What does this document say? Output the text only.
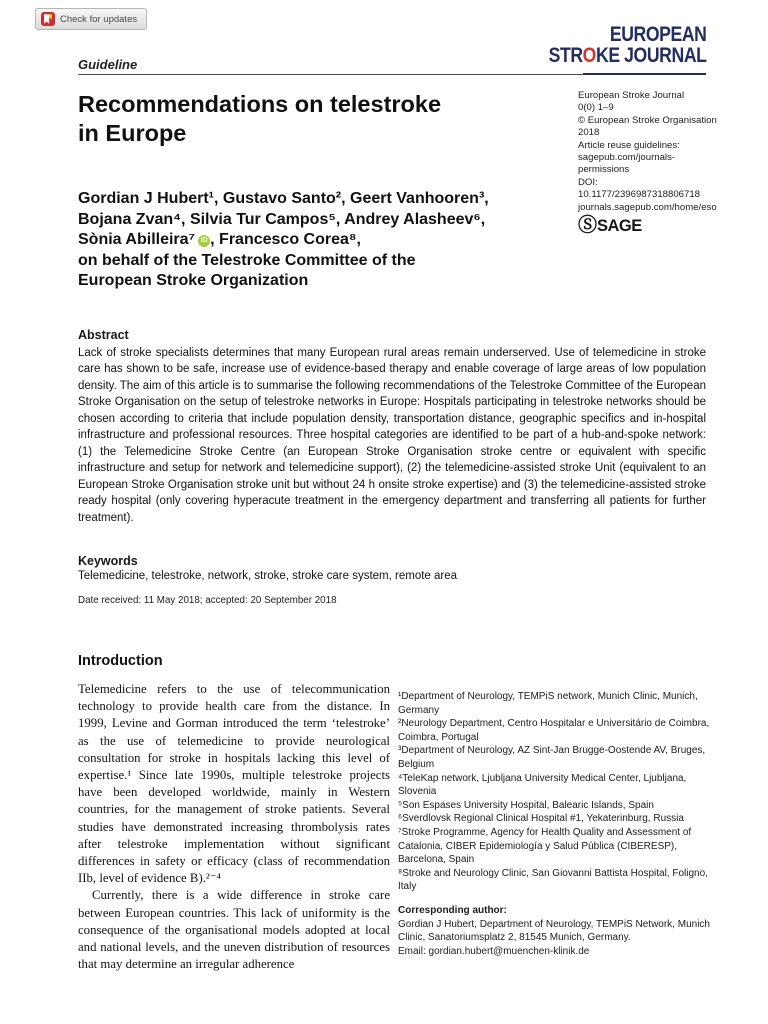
Check for updates
Guideline
EUROPEAN
STROKE JOURNAL
Recommendations on telestroke
in Europe
European Stroke Journal
0(0) 1–9
© European Stroke Organisation
2018
Article reuse guidelines:
sagepub.com/journals-permissions
DOI: 10.1177/2396987318806718
journals.sagepub.com/home/eso
Ⓢ SAGE
Gordian J Hubert¹, Gustavo Santo², Geert Vanhooren³,
Bojana Zvan⁴, Silvia Tur Campos⁵, Andrey Alasheev⁶,
Sònia Abilleira⁷ iD , Francesco Corea⁸,
on behalf of the Telestroke Committee of the
European Stroke Organization
Abstract
Lack of stroke specialists determines that many European rural areas remain underserved. Use of telemedicine in stroke care has shown to be safe, increase use of evidence-based therapy and enable coverage of large areas of low population density. The aim of this article is to summarise the following recommendations of the Telestroke Committee of the European Stroke Organisation on the setup of telestroke networks in Europe: Hospitals participating in telestroke networks should be chosen according to criteria that include population density, transportation distance, geographic specifics and in-hospital infrastructure and professional resources. Three hospital categories are identified to be part of a hub-and-spoke network: (1) the Telemedicine Stroke Centre (an European Stroke Organisation stroke centre or equivalent with specific infrastructure and setup for network and telemedicine support), (2) the telemedicine-assisted stroke Unit (equivalent to an European Stroke Organisation stroke unit but without 24 h onsite stroke expertise) and (3) the telemedicine-assisted stroke ready hospital (only covering hyperacute treatment in the emergency department and transferring all patients for further treatment).
Keywords
Telemedicine, telestroke, network, stroke, stroke care system, remote area
Date received: 11 May 2018; accepted: 20 September 2018
Introduction

Telemedicine refers to the use of telecommunication technology to provide health care from the distance. In 1999, Levine and Gorman introduced the term ‘telestroke’ as the use of telemedicine to provide neurological consultation for stroke in hospitals lacking this level of expertise.¹ Since late 1990s, multiple telestroke projects have been developed worldwide, mainly in Western countries, for the management of stroke patients. Several studies have demonstrated increasing thrombolysis rates after telestroke implementation without significant differences in safety or efficacy (class of recommendation IIb, level of evidence B).²⁻⁴

Currently, there is a wide difference in stroke care between European countries. This lack of uniformity is the consequence of the organisational models adopted at local and national levels, and the uneven distribution of resources that may determine an irregular adherence

¹Department of Neurology, TEMPiS network, Munich Clinic, Munich, Germany
²Neurology Department, Centro Hospitalar e Universitário de Coimbra, Coimbra, Portugal
³Department of Neurology, AZ Sint-Jan Brugge-Oostende AV, Bruges, Belgium
⁴TeleKap network, Ljubljana University Medical Center, Ljubljana, Slovenia
⁵Son Espases University Hospital, Balearic Islands, Spain
⁶Sverdlovsk Regional Clinical Hospital #1, Yekaterinburg, Russia
⁷Stroke Programme, Agency for Health Quality and Assessment of Catalonia, CIBER Epidemiología y Salud Pública (CIBERESP), Barcelona, Spain
⁸Stroke and Neurology Clinic, San Giovanni Battista Hospital, Foligno, Italy
Corresponding author:
Gordian J Hubert, Department of Neurology, TEMPiS Network, Munich Clinic, Sanatoriumsplatz 2, 81545 Munich, Germany.
Email: gordian.hubert@muenchen-klinik.de
